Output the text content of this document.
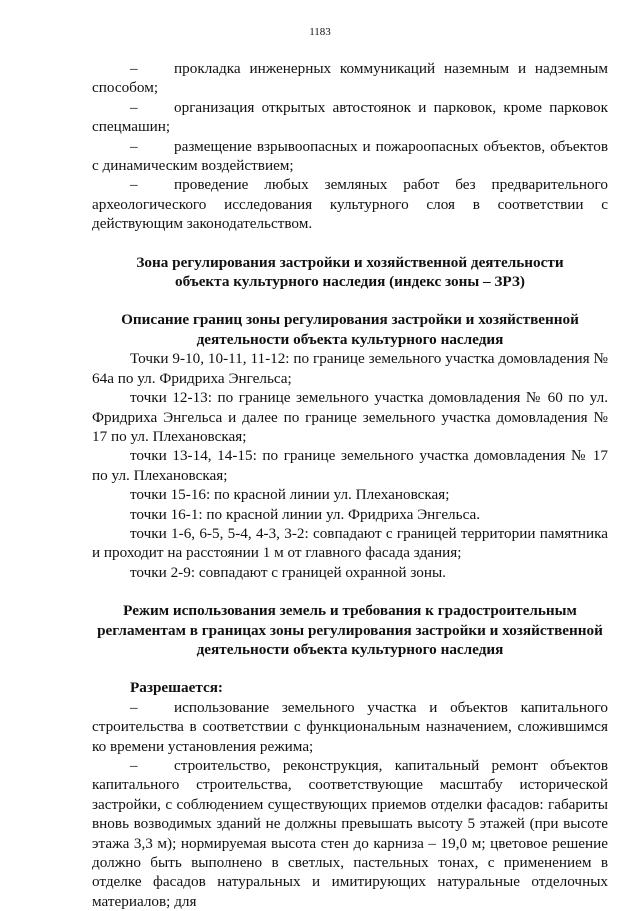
1183

– прокладка инженерных коммуникаций наземным и надземным способом;

– организация открытых автостоянок и парковок, кроме парковок спецмашин;

– размещение взрывоопасных и пожароопасных объектов, объектов с динамическим воздействием;

– проведение любых земляных работ без предварительного археологического исследования культурного слоя в соответствии с действующим законодательством.

Зона регулирования застройки и хозяйственной деятельности

объекта культурного наследия (индекс зоны – ЗРЗ)

Описание границ зоны регулирования застройки и хозяйственной

деятельности объекта культурного наследия

Точки 9-10, 10-11, 11-12: по границе земельного участка домовладения № 64а по ул. Фридриха Энгельса;

точки 12-13: по границе земельного участка домовладения № 60 по ул. Фридриха Энгельса и далее по границе земельного участка домовладения № 17 по ул. Плехановская;

точки 13-14, 14-15: по границе земельного участка домовладения № 17 по ул. Плехановская;

точки 15-16: по красной линии ул. Плехановская;

точки 16-1: по красной линии ул. Фридриха Энгельса.

точки 1-6, 6-5, 5-4, 4-3, 3-2: совпадают с границей территории памятника и проходит на расстоянии 1 м от главного фасада здания;

точки 2-9: совпадают с границей охранной зоны.

Режим использования земель и требования к градостроительным

регламентам в границах зоны регулирования застройки и хозяйственной

деятельности объекта культурного наследия

Разрешается:

– использование земельного участка и объектов капитального строительства в соответствии с функциональным назначением, сложившимся ко времени установления режима;

– строительство, реконструкция, капитальный ремонт объектов капитального строительства, соответствующие масштабу исторической застройки, с соблюдением существующих приемов отделки фасадов: габариты вновь возводимых зданий не должны превышать высоту 5 этажей (при высоте этажа 3,3 м); нормируемая высота стен до карниза – 19,0 м; цветовое решение должно быть выполнено в светлых, пастельных тонах, с применением в отделке фасадов натуральных и имитирующих натуральные отделочных материалов; для
